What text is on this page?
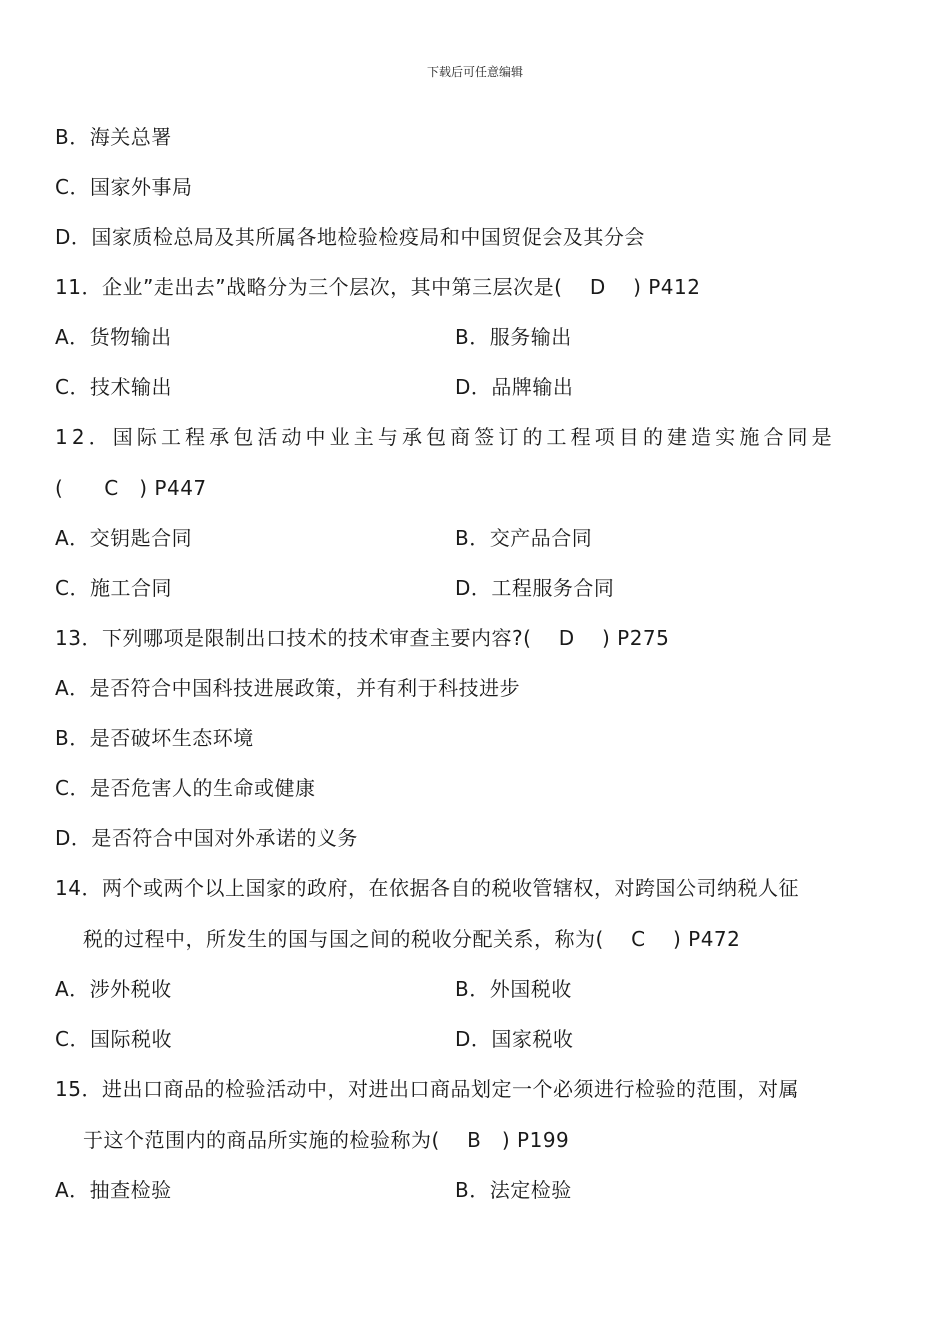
下载后可任意编辑
B．海关总署
C．国家外事局
D．国家质检总局及其所属各地检验检疫局和中国贸促会及其分会
11．企业”走出去”战略分为三个层次，其中第三层次是(　 D　 ) P412
A．货物输出	B．服务输出
C．技术输出	D．品牌输出
12．国际工程承包活动中业主与承包商签订的工程项目的建造实施合同是
(　　C　) P447
A．交钥匙合同	B．交产品合同
C．施工合同	D．工程服务合同
13．下列哪项是限制出口技术的技术审查主要内容?(　 D　 ) P275
A．是否符合中国科技进展政策，并有利于科技进步
B．是否破坏生态环境
C．是否危害人的生命或健康
D．是否符合中国对外承诺的义务
14．两个或两个以上国家的政府，在依据各自的税收管辖权，对跨国公司纳税人征
税的过程中，所发生的国与国之间的税收分配关系，称为(　 C　 ) P472
A．涉外税收	B．外国税收
C．国际税收	D．国家税收
15．进出口商品的检验活动中，对进出口商品划定一个必须进行检验的范围，对属
于这个范围内的商品所实施的检验称为(　 B　) P199
A．抽查检验	B．法定检验
